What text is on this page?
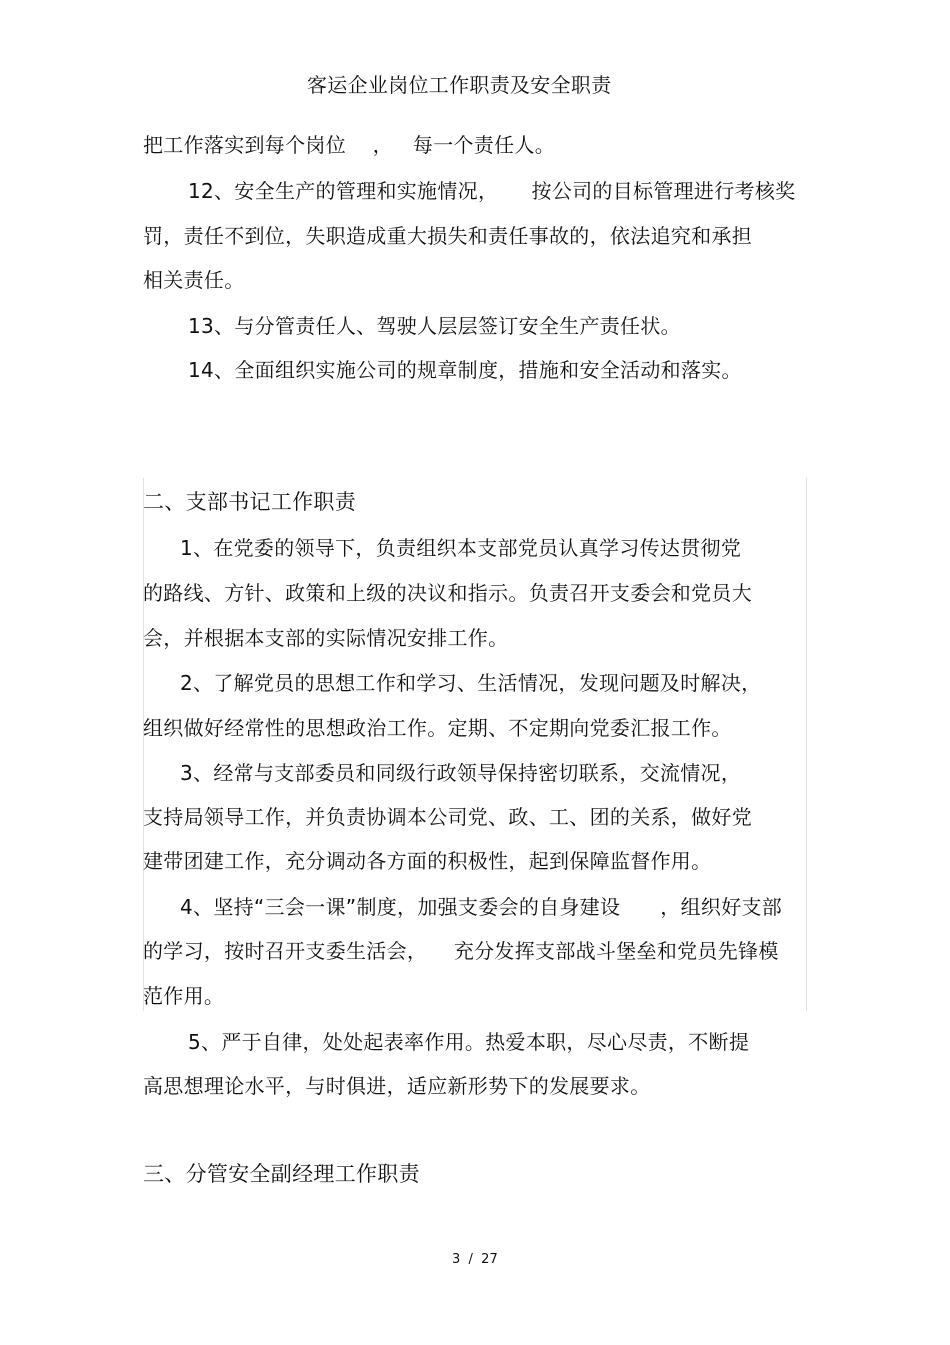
客运企业岗位工作职责及安全职责
把工作落实到每个岗位    ，   每一个责任人。
12、安全生产的管理和实施情况，     按公司的目标管理进行考核奖
罚，责任不到位，失职造成重大损失和责任事故的，依法追究和承担
相关责任。
13、与分管责任人、驾驶人层层签订安全生产责任状。
14、全面组织实施公司的规章制度，措施和安全活动和落实。
二、支部书记工作职责
1、在党委的领导下，负责组织本支部党员认真学习传达贯彻党
的路线、方针、政策和上级的决议和指示。负责召开支委会和党员大
会，并根据本支部的实际情况安排工作。
2、了解党员的思想工作和学习、生活情况，发现问题及时解决，
组织做好经常性的思想政治工作。定期、不定期向党委汇报工作。
3、经常与支部委员和同级行政领导保持密切联系，交流情况，
支持局领导工作，并负责协调本公司党、政、工、团的关系，做好党
建带团建工作，充分调动各方面的积极性，起到保障监督作用。
4、坚持“三会一课”制度，加强支委会的自身建设      ，组织好支部
的学习，按时召开支委生活会，    充分发挥支部战斗堡垒和党员先锋模
范作用。
5、严于自律，处处起表率作用。热爱本职，尽心尽责，不断提
高思想理论水平，与时俱进，适应新形势下的发展要求。
三、分管安全副经理工作职责
3  /  27
